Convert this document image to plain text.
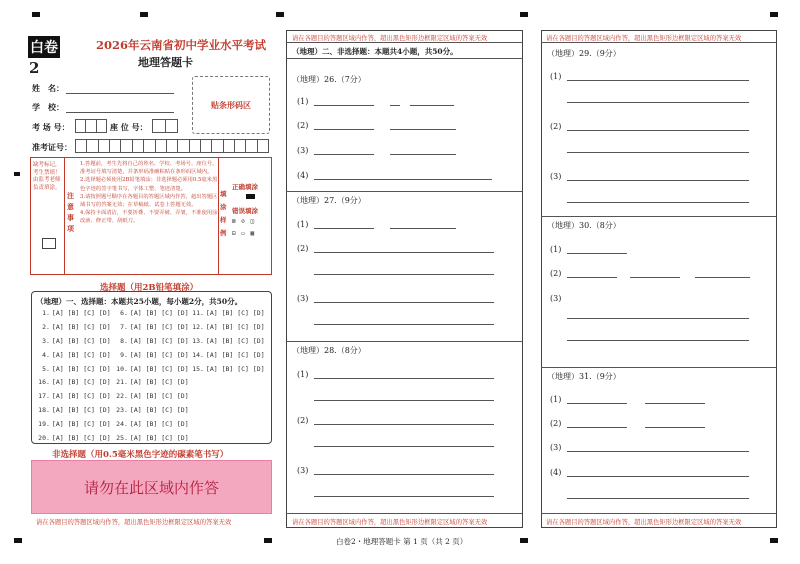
白卷2
2026年云南省初中学业水平考试
地理答题卡
姓　名：
学　校：
考 场 号：	座 位 号：
准考证号：
贴条形码区
缺考标记，考生禁填！由监考老师负责填涂。
注意事项
1.答题前，考生先将自己的姓名、学校、考场号、座位号、准考证号填写清楚，并条形码准确粘贴在条形码区域内。
2.选择题必须使用2B铅笔填涂；非选择题必须用0.5毫米黑色字迹的签字笔书写，字体工整、笔迹清楚。
3.请按照题号顺序在各题目的答题区域内作答，超出答题区域书写的答案无效；在草稿纸、试卷上答题无效。
4.保持卡面清洁，不要折叠、不要弄破、弄皱，不准使用涂改液、修正带、刮纸刀。
填涂样例
正确填涂
错误填涂
⊠ ⊘ ◫
⊟ ▭ ▦
选择题（用2B铅笔填涂）
（地理）一、选择题：本题共25小题，每小题2分，共50分。
1. [A] [B] [C] [D]
2. [A] [B] [C] [D]
3. [A] [B] [C] [D]
4. [A] [B] [C] [D]
5. [A] [B] [C] [D]
6. [A] [B] [C] [D]
7. [A] [B] [C] [D]
8. [A] [B] [C] [D]
9. [A] [B] [C] [D]
10. [A] [B] [C] [D]
11. [A] [B] [C] [D]
12. [A] [B] [C] [D]
13. [A] [B] [C] [D]
14. [A] [B] [C] [D]
15. [A] [B] [C] [D]
16. [A] [B] [C] [D]
17. [A] [B] [C] [D]
18. [A] [B] [C] [D]
19. [A] [B] [C] [D]
20. [A] [B] [C] [D]
21. [A] [B] [C] [D]
22. [A] [B] [C] [D]
23. [A] [B] [C] [D]
24. [A] [B] [C] [D]
25. [A] [B] [C] [D]
非选择题（用0.5毫米黑色字迹的碳素笔书写）
请勿在此区域内作答
请在各题目的答题区域内作答，超出黑色矩形边框限定区域的答案无效
请在各题目的答题区域内作答，超出黑色矩形边框限定区域的答案无效
（地理）二、非选择题：本题共4小题，共50分。
（地理）26.（7分）
(1)
(2)
(3)
(4)
（地理）27.（9分）
(1)
(2)
(3)
（地理）28.（8分）
(1)
(2)
(3)
请在各题目的答题区域内作答，超出黑色矩形边框限定区域的答案无效
请在各题目的答题区域内作答，超出黑色矩形边框限定区域的答案无效
（地理）29.（9分）
(1)
(2)
(3)
（地理）30.（8分）
(1)
(2)
(3)
（地理）31.（9分）
(1)
(2)
(3)
(4)
请在各题目的答题区域内作答，超出黑色矩形边框限定区域的答案无效
白卷2・地理答题卡 第 1 页（共 2 页）
